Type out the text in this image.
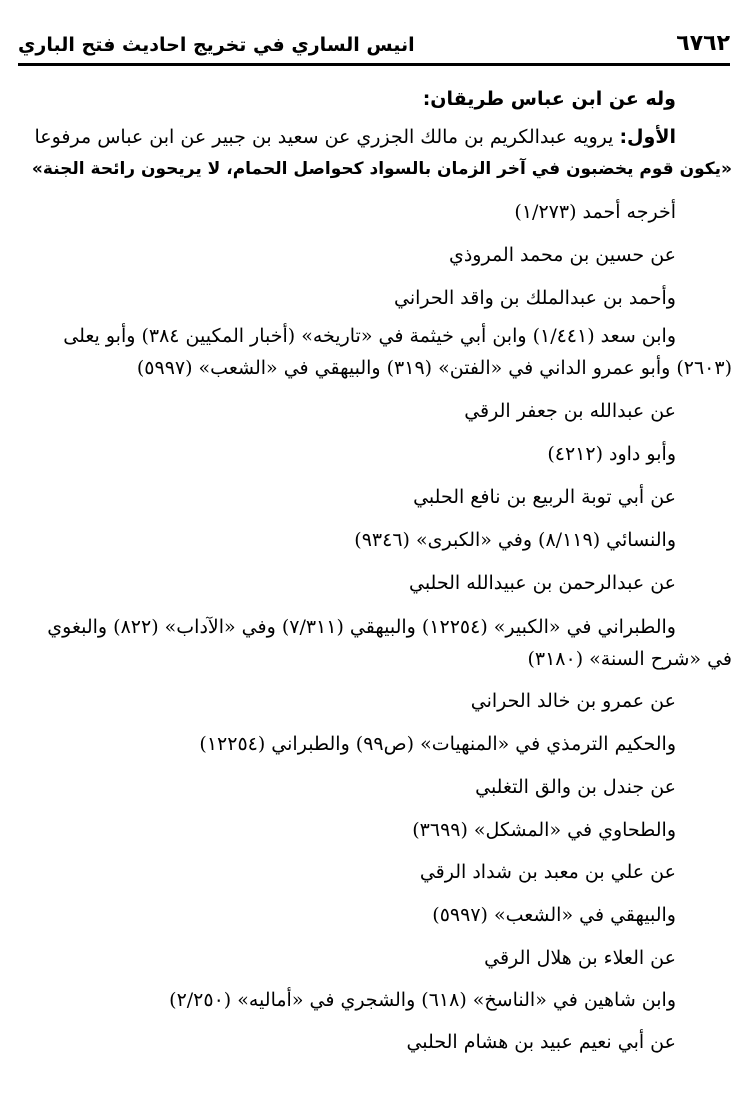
٦٧٦٢
انيس الساري في تخريج احاديث فتح الباري
وله عن ابن عباس طريقان:
الأول: يرويه عبدالكريم بن مالك الجزري عن سعيد بن جبير عن ابن عباس مرفوعا
«يكون قوم يخضبون في آخر الزمان بالسواد كحواصل الحمام، لا يريحون رائحة الجنة»
أخرجه أحمد (١/٢٧٣)
عن حسين بن محمد المروذي
وأحمد بن عبدالملك بن واقد الحراني
وابن سعد (١/٤٤١) وابن أبي خيثمة في «تاريخه» (أخبار المكيين ٣٨٤) وأبو يعلى
(٢٦٠٣) وأبو عمرو الداني في «الفتن» (٣١٩) والبيهقي في «الشعب» (٥٩٩٧)
عن عبدالله بن جعفر الرقي
وأبو داود (٤٢١٢)
عن أبي توبة الربيع بن نافع الحلبي
والنسائي (٨/١١٩) وفي «الكبرى» (٩٣٤٦)
عن عبدالرحمن بن عبيدالله الحلبي
والطبراني في «الكبير» (١٢٢٥٤) والبيهقي (٧/٣١١) وفي «الآداب» (٨٢٢) والبغوي
في «شرح السنة» (٣١٨٠)
عن عمرو بن خالد الحراني
والحكيم الترمذي في «المنهيات» (ص٩٩) والطبراني (١٢٢٥٤)
عن جندل بن والق التغلبي
والطحاوي في «المشكل» (٣٦٩٩)
عن علي بن معبد بن شداد الرقي
والبيهقي في «الشعب» (٥٩٩٧)
عن العلاء بن هلال الرقي
وابن شاهين في «الناسخ» (٦١٨) والشجري في «أماليه» (٢/٢٥٠)
عن أبي نعيم عبيد بن هشام الحلبي
